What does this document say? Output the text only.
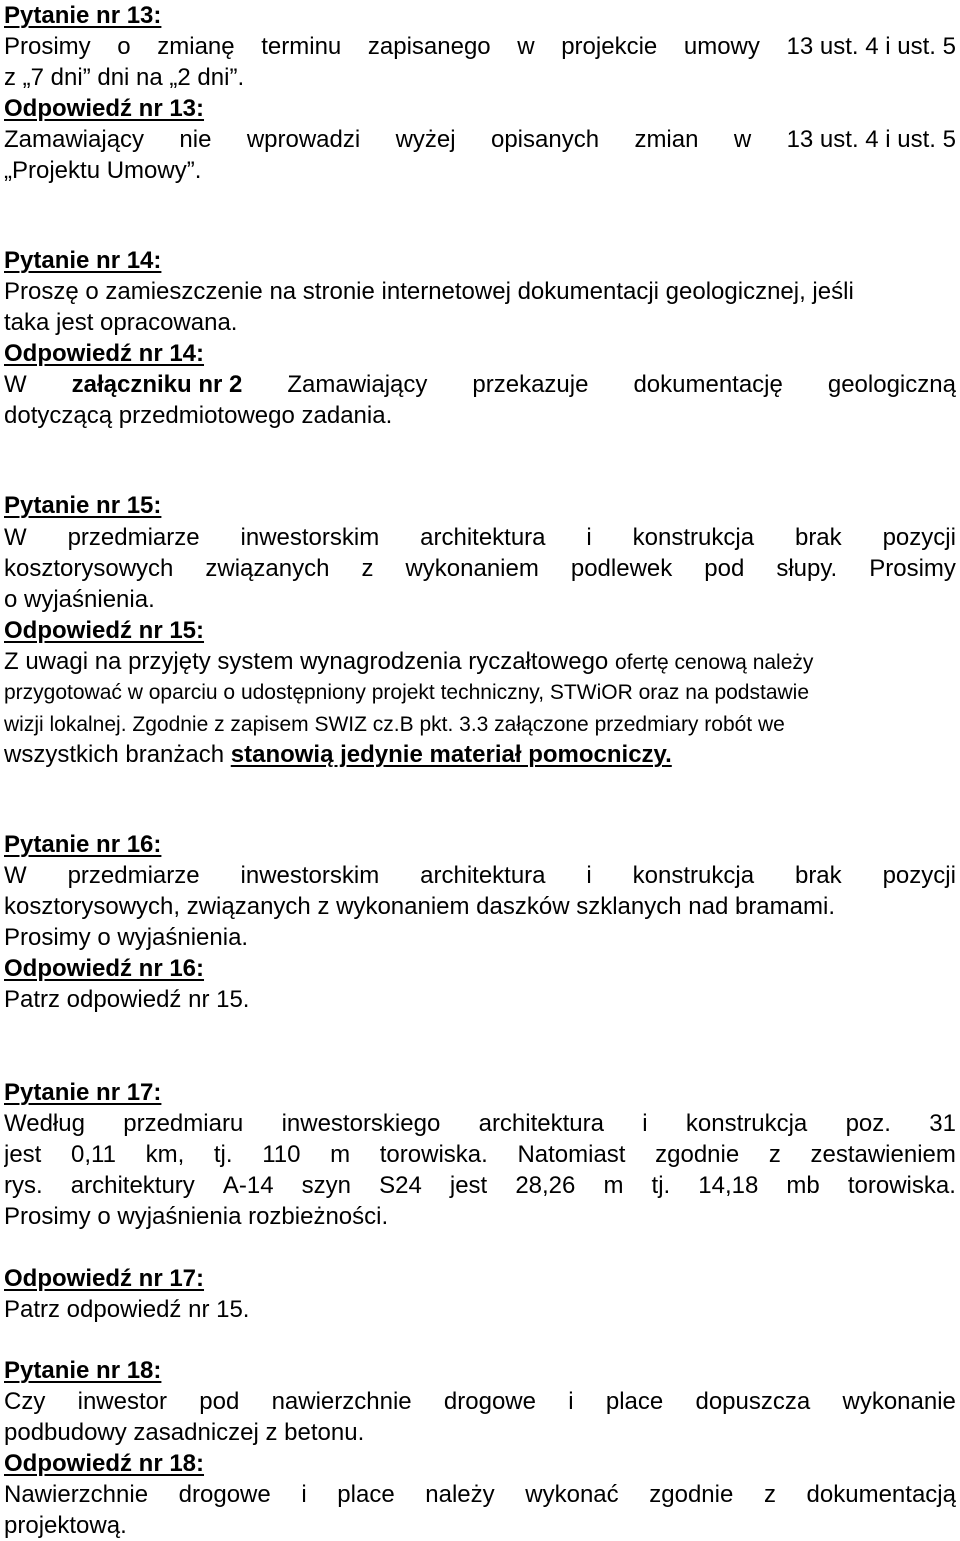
Pytanie nr 13:
Prosimy o zmianę terminu zapisanego w projekcie umowy 13 ust. 4 i ust. 5
z „7 dni” dni na „2 dni”.
Odpowiedź nr 13:
Zamawiający nie wprowadzi wyżej opisanych zmian w 13 ust. 4 i ust. 5
„Projektu Umowy”.
Pytanie nr 14:
Proszę o zamieszczenie na stronie internetowej dokumentacji geologicznej, jeśli
taka jest opracowana.
Odpowiedź nr 14:
W załączniku nr 2 Zamawiający przekazuje dokumentację geologiczną
dotyczącą przedmiotowego zadania.
Pytanie nr 15:
W przedmiarze inwestorskim architektura i konstrukcja brak pozycji
kosztorysowych związanych z wykonaniem podlewek pod słupy. Prosimy
o wyjaśnienia.
Odpowiedź nr 15:
Z uwagi na przyjęty system wynagrodzenia ryczałtowego ofertę cenową należy
przygotować w oparciu o udostępniony projekt techniczny, STWiOR oraz na podstawie
wizji lokalnej. Zgodnie z zapisem SWIZ cz.B pkt. 3.3 załączone przedmiary robót we
wszystkich branżach stanowią jedynie materiał pomocniczy.
Pytanie nr 16:
W przedmiarze inwestorskim architektura i konstrukcja brak pozycji
kosztorysowych, związanych z wykonaniem daszków szklanych nad bramami.
Prosimy o wyjaśnienia.
Odpowiedź nr 16:
Patrz odpowiedź nr 15.
Pytanie nr 17:
Według przedmiaru inwestorskiego architektura i konstrukcja poz. 31
jest 0,11 km, tj. 110 m torowiska. Natomiast zgodnie z zestawieniem
rys. architektury A-14 szyn S24 jest 28,26 m tj. 14,18 mb torowiska.
Prosimy o wyjaśnienia rozbieżności.
Odpowiedź nr 17:
Patrz odpowiedź nr 15.
Pytanie nr 18:
Czy inwestor pod nawierzchnie drogowe i place dopuszcza wykonanie
podbudowy zasadniczej z betonu.
Odpowiedź nr 18:
Nawierzchnie drogowe i place należy wykonać zgodnie z dokumentacją
projektową.
